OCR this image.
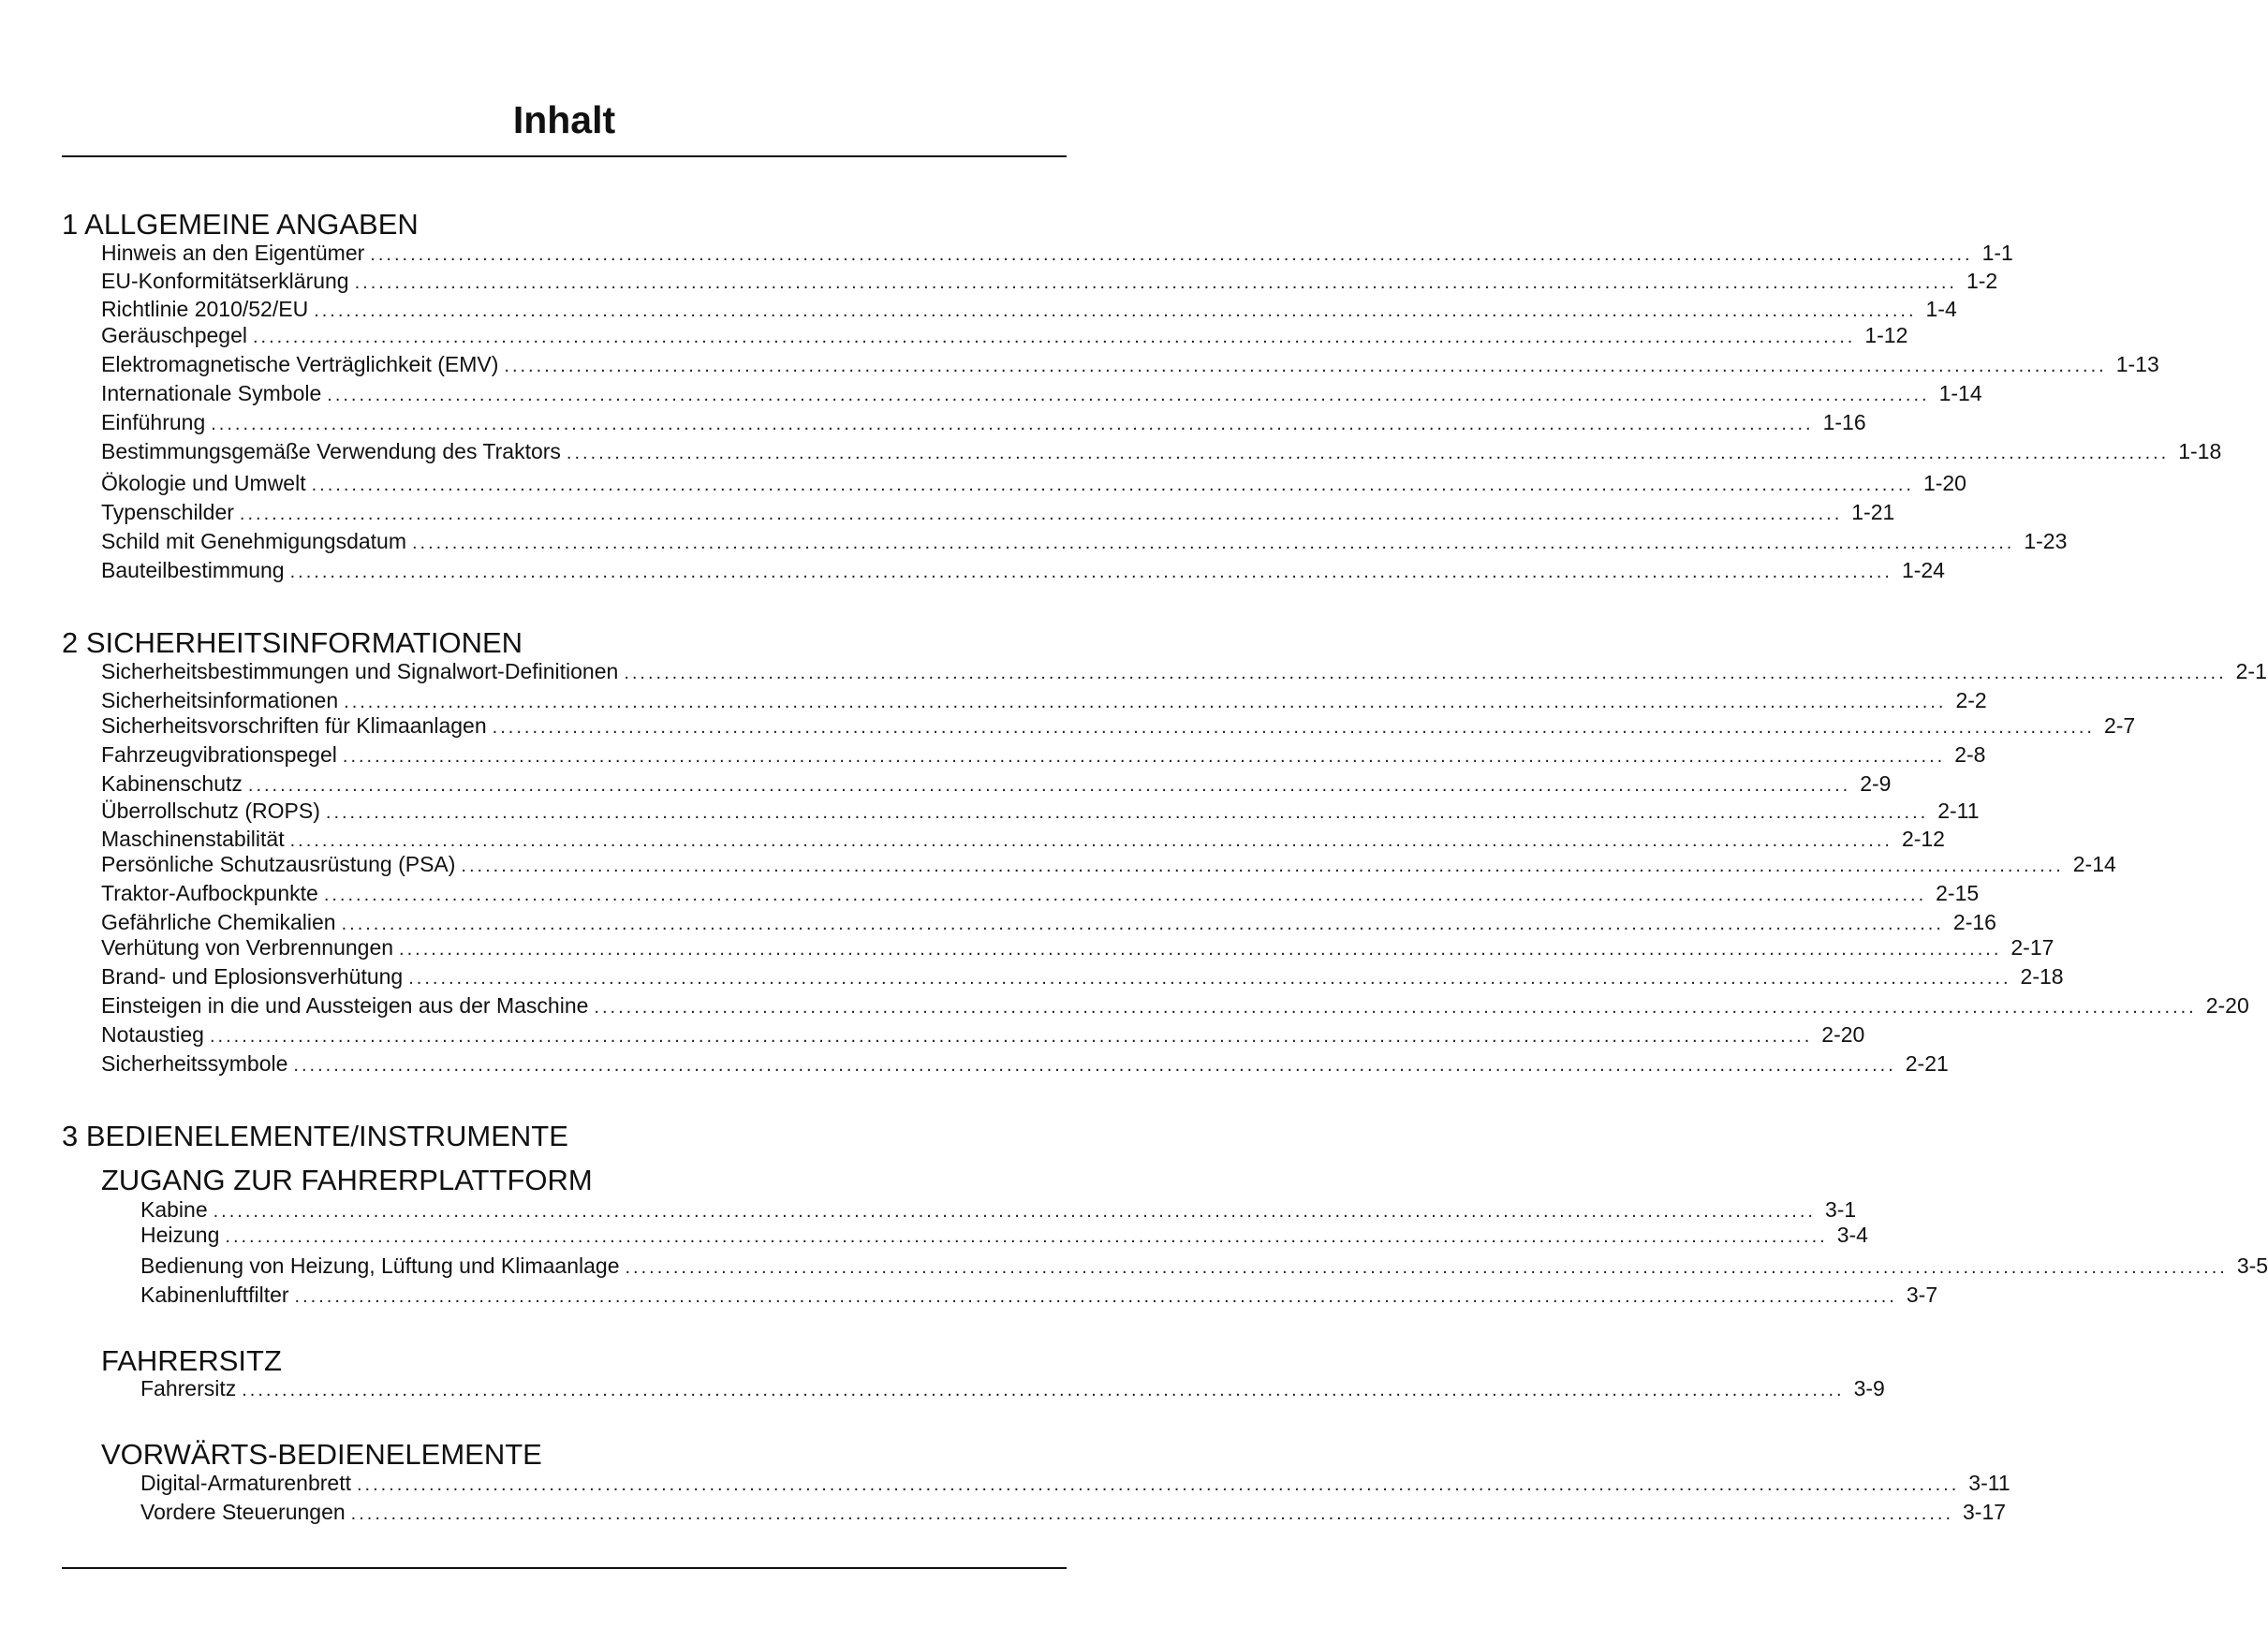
Inhalt
1 ALLGEMEINE ANGABEN
Hinweis an den Eigentümer ........................................................................................................................................................................................................ 1-1
EU-Konformitätserklärung ........................................................................................................................................................................................................ 1-2
Richtlinie 2010/52/EU ........................................................................................................................................................................................................ 1-4
Geräuschpegel ........................................................................................................................................................................................................ 1-12
Elektromagnetische Verträglichkeit (EMV) ........................................................................................................................................................................................................ 1-13
Internationale Symbole ........................................................................................................................................................................................................ 1-14
Einführung ........................................................................................................................................................................................................ 1-16
Bestimmungsgemäße Verwendung des Traktors ........................................................................................................................................................................................................ 1-18
Ökologie und Umwelt ........................................................................................................................................................................................................ 1-20
Typenschilder ........................................................................................................................................................................................................ 1-21
Schild mit Genehmigungsdatum ........................................................................................................................................................................................................ 1-23
Bauteilbestimmung ........................................................................................................................................................................................................ 1-24
2 SICHERHEITSINFORMATIONEN
Sicherheitsbestimmungen und Signalwort-Definitionen ........................................................................................................................................................................................................ 2-1
Sicherheitsinformationen ........................................................................................................................................................................................................ 2-2
Sicherheitsvorschriften für Klimaanlagen ........................................................................................................................................................................................................ 2-7
Fahrzeugvibrationspegel ........................................................................................................................................................................................................ 2-8
Kabinenschutz ........................................................................................................................................................................................................ 2-9
Überrollschutz (ROPS) ........................................................................................................................................................................................................ 2-11
Maschinenstabilität ........................................................................................................................................................................................................ 2-12
Persönliche Schutzausrüstung (PSA) ........................................................................................................................................................................................................ 2-14
Traktor-Aufbockpunkte ........................................................................................................................................................................................................ 2-15
Gefährliche Chemikalien ........................................................................................................................................................................................................ 2-16
Verhütung von Verbrennungen ........................................................................................................................................................................................................ 2-17
Brand- und Eplosionsverhütung ........................................................................................................................................................................................................ 2-18
Einsteigen in die und Aussteigen aus der Maschine ........................................................................................................................................................................................................ 2-20
Notaustieg ........................................................................................................................................................................................................ 2-20
Sicherheitssymbole ........................................................................................................................................................................................................ 2-21
3 BEDIENELEMENTE/INSTRUMENTE
ZUGANG ZUR FAHRERPLATTFORM
Kabine ........................................................................................................................................................................................................ 3-1
Heizung ........................................................................................................................................................................................................ 3-4
Bedienung von Heizung, Lüftung und Klimaanlage ........................................................................................................................................................................................................ 3-5
Kabinenluftfilter ........................................................................................................................................................................................................ 3-7
FAHRERSITZ
Fahrersitz ........................................................................................................................................................................................................ 3-9
VORWÄRTS-BEDIENELEMENTE
Digital-Armaturenbrett ........................................................................................................................................................................................................ 3-11
Vordere Steuerungen ........................................................................................................................................................................................................ 3-17
